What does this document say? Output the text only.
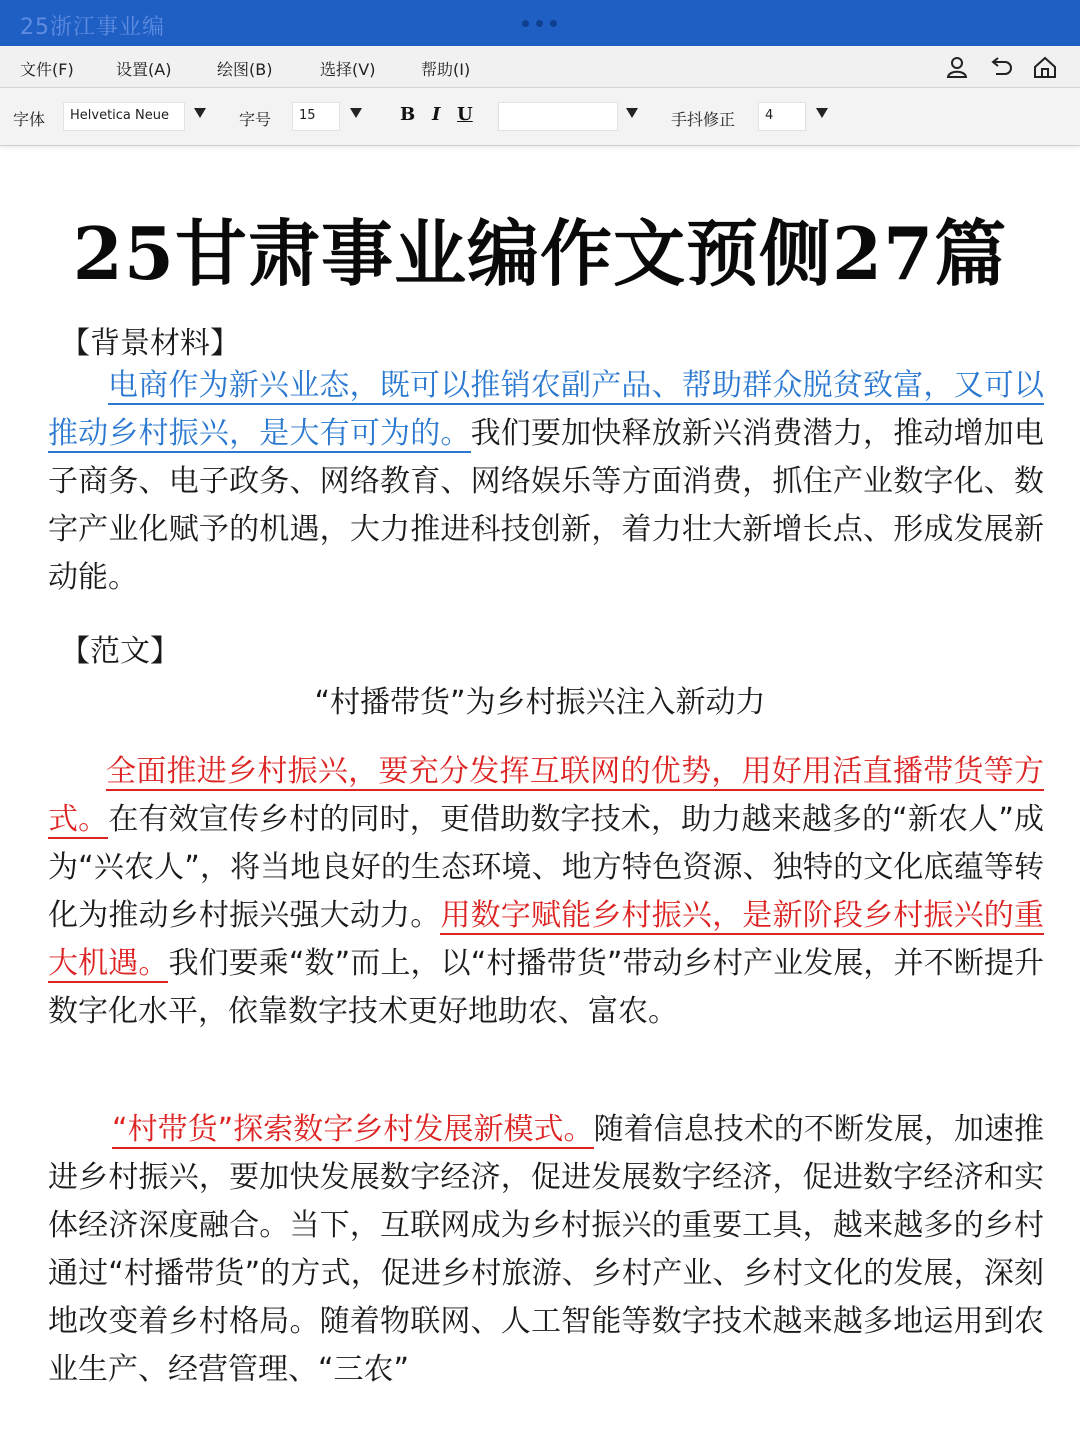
25浙江事业编
文件(F)	设置(A)	绘图(B)	选择(V)	帮助(I)
字体	Helvetica Neue	字号	15	B I U	手抖修正	4
25甘肃事业编作文预侧27篇
【背景材料】
电商作为新兴业态，既可以推销农副产品、帮助群众脱贫致富，又可以推动乡村振兴，是大有可为的。我们要加快释放新兴消费潜力，推动增加电子商务、电子政务、网络教育、网络娱乐等方面消费，抓住产业数字化、数字产业化赋予的机遇，大力推进科技创新，着力壮大新增长点、形成发展新动能。
【范文】
“村播带货”为乡村振兴注入新动力
全面推进乡村振兴，要充分发挥互联网的优势，用好用活直播带货等方式。在有效宣传乡村的同时，更借助数字技术，助力越来越多的“新农人”成为“兴农人”，将当地良好的生态环境、地方特色资源、独特的文化底蕴等转化为推动乡村振兴强大动力。用数字赋能乡村振兴，是新阶段乡村振兴的重大机遇。我们要乘“数”而上，以“村播带货”带动乡村产业发展，并不断提升数字化水平，依靠数字技术更好地助农、富农。
“村带货”探索数字乡村发展新模式。随着信息技术的不断发展，加速推进乡村振兴，要加快发展数字经济，促进发展数字经济，促进数字经济和实体经济深度融合。当下，互联网成为乡村振兴的重要工具，越来越多的乡村通过“村播带货”的方式，促进乡村旅游、乡村产业、乡村文化的发展，深刻地改变着乡村格局。随着物联网、人工智能等数字技术越来越多地运用到农业生产、经营管理、“三农”
